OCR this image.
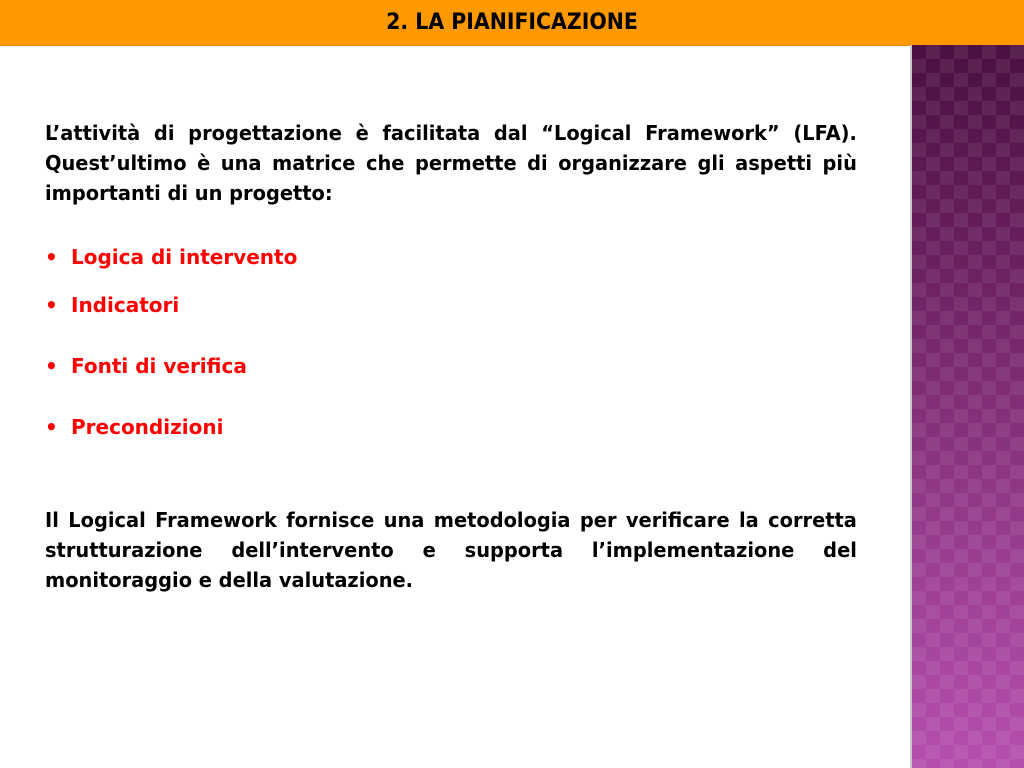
2. LA PIANIFICAZIONE

L’attività di progettazione è facilitata dal “Logical Framework” (LFA). Quest’ultimo è una matrice che permette di organizzare gli aspetti più importanti di un progetto:

• Logica di intervento
• Indicatori
• Fonti di verifica
• Precondizioni

Il Logical Framework fornisce una metodologia per verificare la corretta strutturazione dell’intervento e supporta l’implementazione del monitoraggio e della valutazione.
